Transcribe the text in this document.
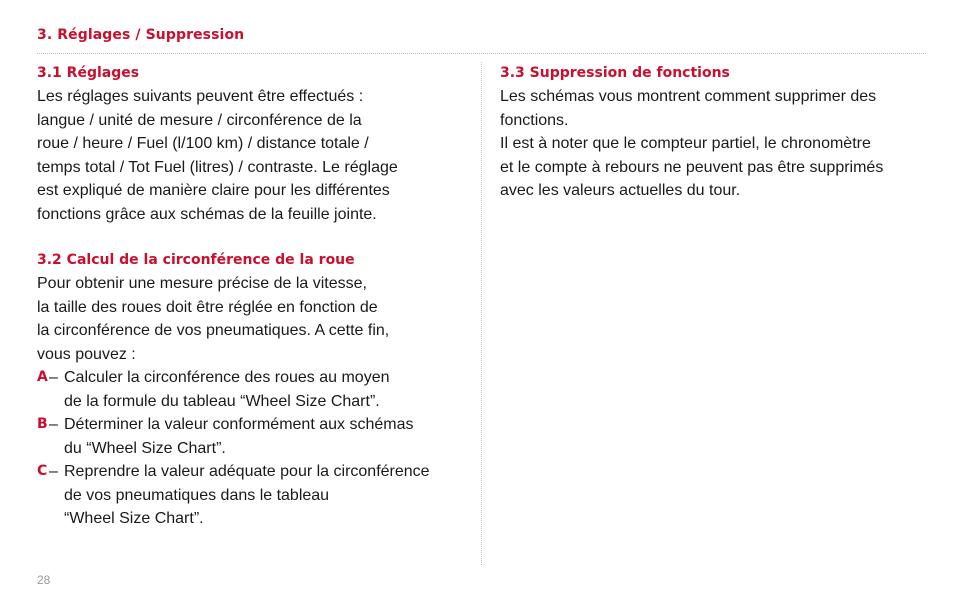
3. Réglages / Suppression
3.1 Réglages

Les réglages suivants peuvent être effectués :

langue / unité de mesure / circonférence de la

roue / heure / Fuel (l/100 km) / distance totale /

temps total / Tot Fuel (litres) / contraste. Le réglage

est expliqué de manière claire pour les différentes

fonctions grâce aux schémas de la feuille jointe.

3.2 Calcul de la circonférence de la roue

Pour obtenir une mesure précise de la vitesse,

la taille des roues doit être réglée en fonction de

la circonférence de vos pneumatiques. A cette fin,

vous pouvez :

A – Calculer la circonférence des roues au moyen
de la formule du tableau “Wheel Size Chart”.
B – Déterminer la valeur conformément aux schémas
du “Wheel Size Chart”.
C – Reprendre la valeur adéquate pour la circonférence
de vos pneumatiques dans le tableau
“Wheel Size Chart”.
3.3 Suppression de fonctions

Les schémas vous montrent comment supprimer des

fonctions.

Il est à noter que le compteur partiel, le chronomètre

et le compte à rebours ne peuvent pas être supprimés

avec les valeurs actuelles du tour.

28
